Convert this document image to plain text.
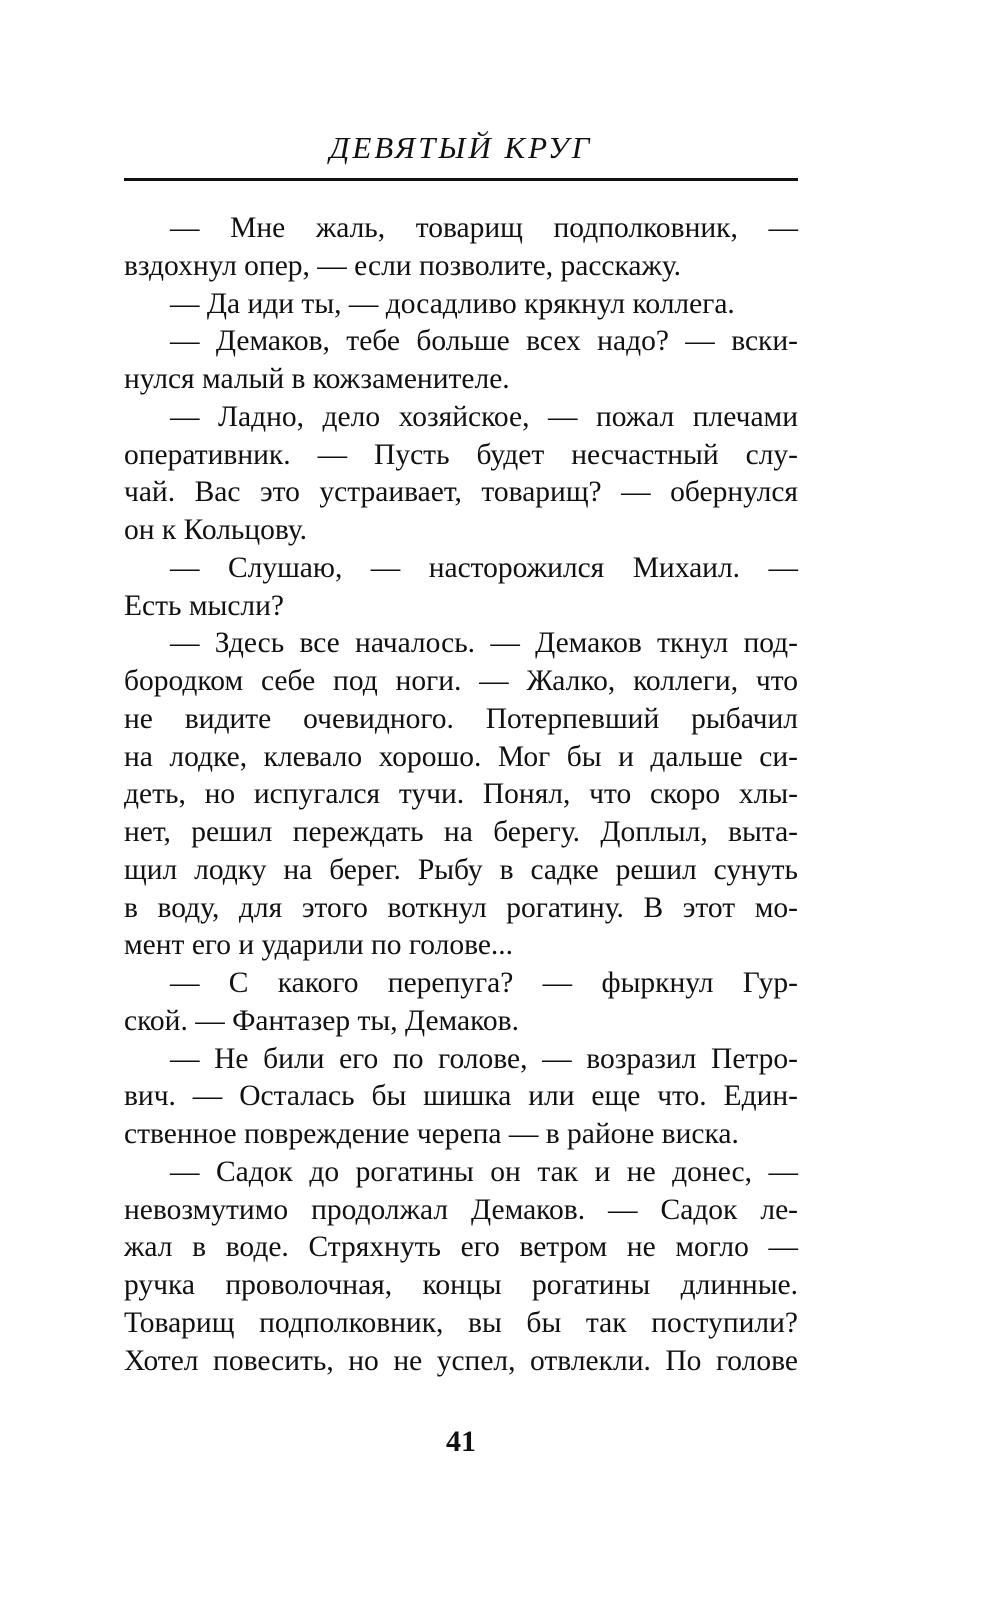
ДЕВЯТЫЙ КРУГ
— Мне жаль, товарищ подполковник, —
вздохнул опер, — если позволите, расскажу.
— Да иди ты, — досадливо крякнул коллега.
— Демаков, тебе больше всех надо? — вски-
нулся малый в кожзаменителе.
— Ладно, дело хозяйское, — пожал плечами
оперативник. — Пусть будет несчастный слу-
чай. Вас это устраивает, товарищ? — обернулся
он к Кольцову.
— Слушаю, — насторожился Михаил. —
Есть мысли?
— Здесь все началось. — Демаков ткнул под-
бородком себе под ноги. — Жалко, коллеги, что
не видите очевидного. Потерпевший рыбачил
на лодке, клевало хорошо. Мог бы и дальше си-
деть, но испугался тучи. Понял, что скоро хлы-
нет, решил переждать на берегу. Доплыл, выта-
щил лодку на берег. Рыбу в садке решил сунуть
в воду, для этого воткнул рогатину. В этот мо-
мент его и ударили по голове...
— С какого перепуга? — фыркнул Гур-
ской. — Фантазер ты, Демаков.
— Не били его по голове, — возразил Петро-
вич. — Осталась бы шишка или еще что. Един-
ственное повреждение черепа — в районе виска.
— Садок до рогатины он так и не донес, —
невозмутимо продолжал Демаков. — Садок ле-
жал в воде. Стряхнуть его ветром не могло —
ручка проволочная, концы рогатины длинные.
Товарищ подполковник, вы бы так поступили?
Хотел повесить, но не успел, отвлекли. По голове
41
